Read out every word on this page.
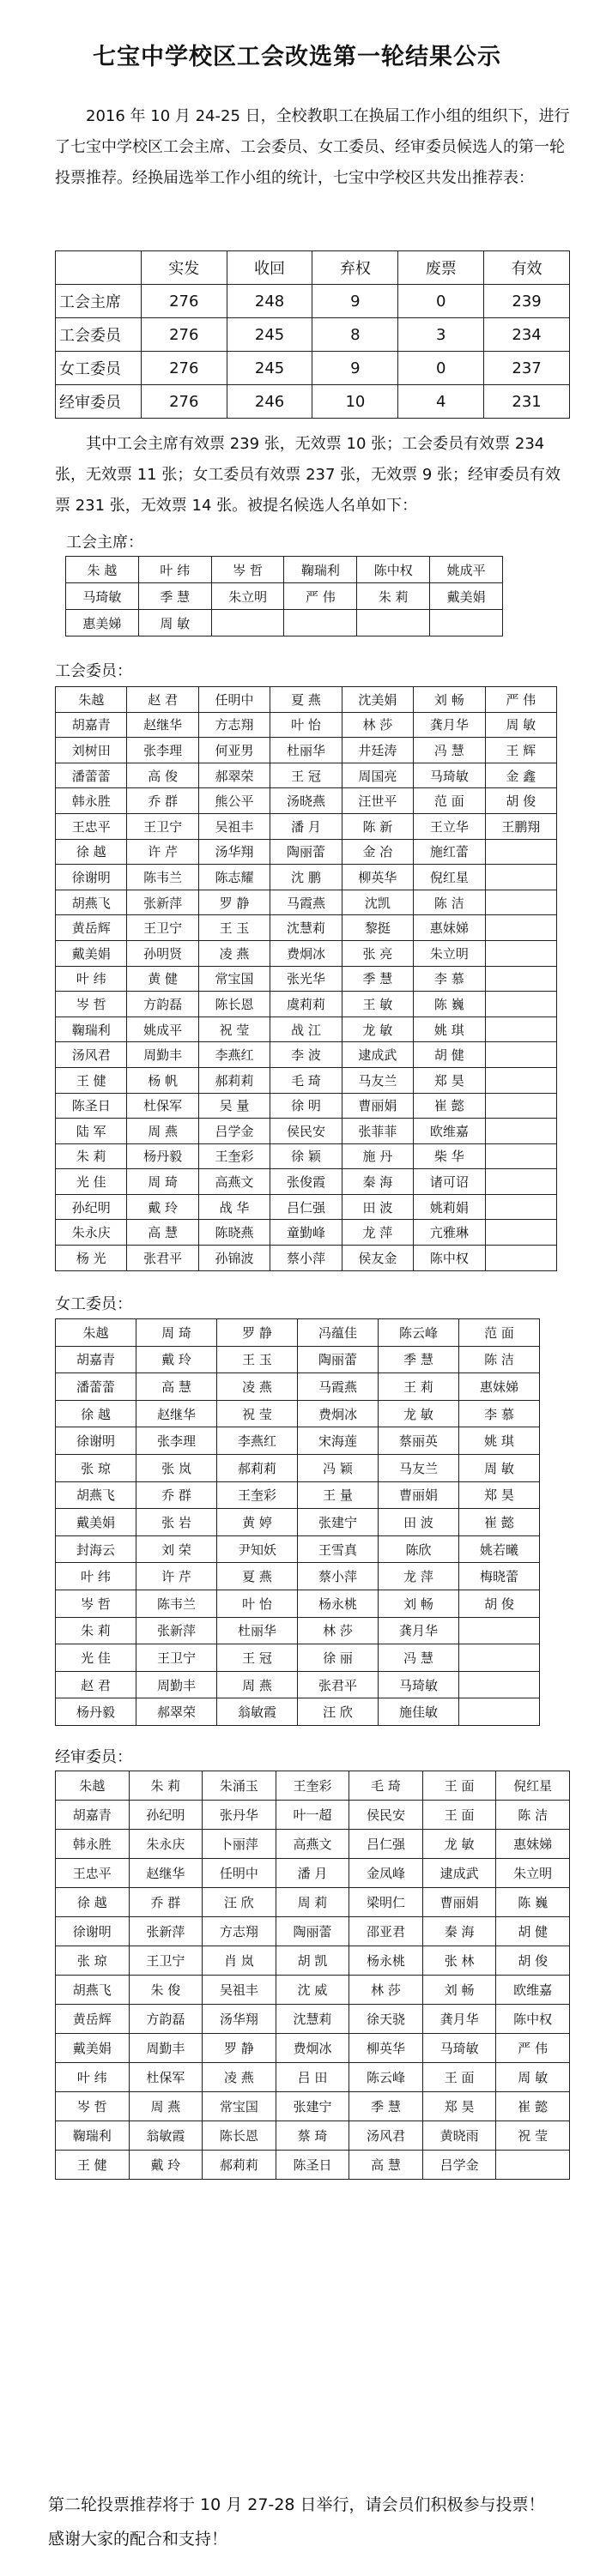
七宝中学校区工会改选第一轮结果公示
2016 年 10 月 24-25 日，全校教职工在换届工作小组的组织下，进行了七宝中学校区工会主席、工会委员、女工委员、经审委员候选人的第一轮投票推荐。经换届选举工作小组的统计，七宝中学校区共发出推荐表：
	实发	收回	弃权	废票	有效
工会主席	276	248	9	0	239
工会委员	276	245	8	3	234
女工委员	276	245	9	0	237
经审委员	276	246	10	4	231
其中工会主席有效票 239 张，无效票 10 张；工会委员有效票 234 张，无效票 11 张；女工委员有效票 237 张，无效票 9 张；经审委员有效票 231 张，无效票 14 张。被提名候选人名单如下：
工会主席：
朱 越	叶 纬	岑 哲	鞠瑞利	陈中权	姚成平
马琦敏	季 慧	朱立明	严 伟	朱 莉	戴美娟
惠美娣	周 敏				
工会委员：
朱越	赵 君	任明中	夏 燕	沈美娟	刘 畅	严 伟
胡嘉青	赵继华	方志翔	叶 怡	林 莎	龚月华	周 敏
刘树田	张李理	何亚男	杜丽华	井廷涛	冯 慧	王 辉
潘蕾蕾	高 俊	郝翠荣	王 冠	周国亮	马琦敏	金 鑫
韩永胜	乔 群	熊公平	汤晓燕	汪世平	范 面	胡 俊
王忠平	王卫宁	吴祖丰	潘 月	陈 新	王立华	王鹏翔
徐 越	许 芹	汤华翔	陶丽蕾	金 冶	施红蕾	
徐谢明	陈韦兰	陈志耀	沈 鹏	柳英华	倪红星	
胡燕飞	张新萍	罗 静	马霞燕	沈凯	陈 洁	
黄岳辉	王卫宁	王 玉	沈慧莉	黎挺	惠妹娣	
戴美娟	孙明贤	凌 燕	费炯冰	张 亮	朱立明	
叶 纬	黄 健	常宝国	张光华	季 慧	李 慕	
岑 哲	方韵磊	陈长恩	虞莉莉	王 敏	陈 巍	
鞠瑞利	姚成平	祝 莹	战 江	龙 敏	姚 琪	
汤风君	周勤丰	李燕红	李 波	逮成武	胡 健	
王 健	杨 帆	郝莉莉	毛 琦	马友兰	郑 昊	
陈圣日	杜保军	吴 量	徐 明	曹丽娟	崔 懿	
陆 军	周 燕	吕学金	侯民安	张菲菲	欧维嘉	
朱 莉	杨丹毅	王奎彩	徐 颖	施 丹	柴 华	
光 佳	周 琦	高燕文	张俊霞	秦 海	诸可诏	
孙纪明	戴 玲	战 华	吕仁强	田 波	姚莉娟	
朱永庆	高 慧	陈晓燕	童勤峰	龙 萍	亢雅琳	
杨 光	张君平	孙锦波	蔡小萍	侯友金	陈中权	
女工委员：
朱越	周 琦	罗 静	冯蕴佳	陈云峰	范 面
胡嘉青	戴 玲	王 玉	陶丽蕾	季 慧	陈 洁
潘蕾蕾	高 慧	凌 燕	马霞燕	王 莉	惠妹娣
徐 越	赵继华	祝 莹	费炯冰	龙 敏	李 慕
徐谢明	张李理	李燕红	宋海莲	蔡丽英	姚 琪
张 琼	张 岚	郝莉莉	冯 颖	马友兰	周 敏
胡燕飞	乔 群	王奎彩	王 量	曹丽娟	郑 昊
戴美娟	张 岩	黄 婷	张建宁	田 波	崔 懿
封海云	刘 荣	尹知妖	王雪真	陈欣	姚若曦
叶 纬	许 芹	夏 燕	蔡小萍	龙 萍	梅晓蕾
岑 哲	陈韦兰	叶 怡	杨永桃	刘 畅	胡 俊
朱 莉	张新萍	杜丽华	林 莎	龚月华	
光 佳	王卫宁	王 冠	徐 丽	冯 慧	
赵 君	周勤丰	周 燕	张君平	马琦敏	
杨丹毅	郝翠荣	翁敏霞	汪 欣	施佳敏	
经审委员：
朱越	朱 莉	朱涌玉	王奎彩	毛 琦	王 面	倪红星
胡嘉青	孙纪明	张丹华	叶一超	侯民安	王 面	陈 洁
韩永胜	朱永庆	卜丽萍	高燕文	吕仁强	龙 敏	惠妹娣
王忠平	赵继华	任明中	潘 月	金凤峰	逮成武	朱立明
徐 越	乔 群	汪 欣	周 莉	梁明仁	曹丽娟	陈 巍
徐谢明	张新萍	方志翔	陶丽蕾	邵亚君	秦 海	胡 健
张 琼	王卫宁	肖 岚	胡 凯	杨永桃	张 林	胡 俊
胡燕飞	朱 俊	吴祖丰	沈 威	林 莎	刘 畅	欧维嘉
黄岳辉	方韵磊	汤华翔	沈慧莉	徐天骁	龚月华	陈中权
戴美娟	周勤丰	罗 静	费炯冰	柳英华	马琦敏	严 伟
叶 纬	杜保军	凌 燕	吕 田	陈云峰	王 面	周 敏
岑 哲	周 燕	常宝国	张建宁	季 慧	郑 昊	崔 懿
鞠瑞利	翁敏霞	陈长恩	蔡 琦	汤风君	黄晓雨	祝 莹
王 健	戴 玲	郝莉莉	陈圣日	高 慧	吕学金	
第二轮投票推荐将于 10 月 27-28 日举行，请会员们积极参与投票！
感谢大家的配合和支持！
